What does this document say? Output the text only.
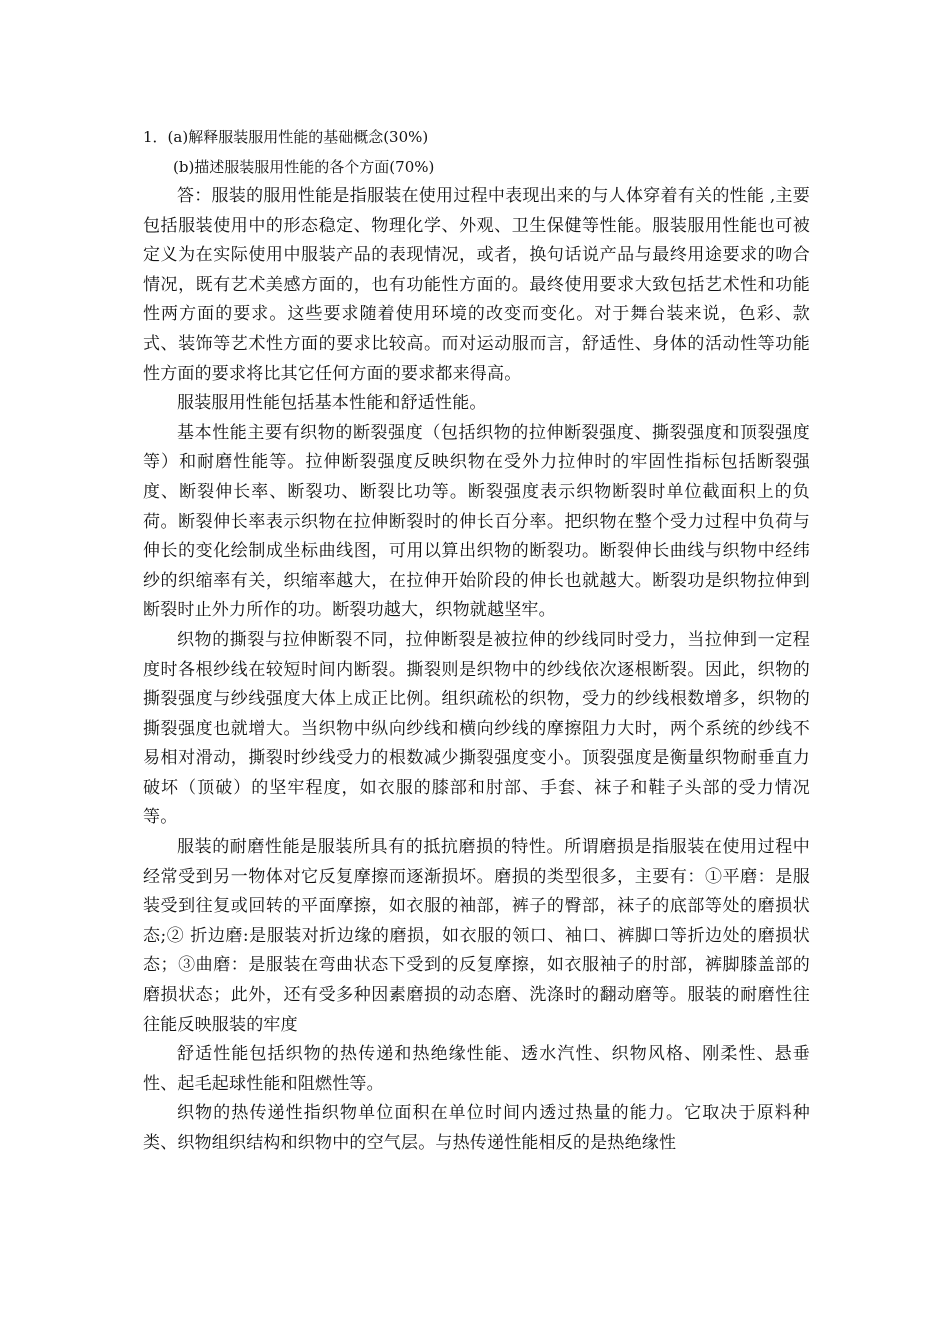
1．(a)解释服装服用性能的基础概念(30%)
(b)描述服装服用性能的各个方面(70%)

答：服装的服用性能是指服装在使用过程中表现出来的与人体穿着有关的性能 ,主要包括服装使用中的形态稳定、物理化学、外观、卫生保健等性能。服装服用性能也可被定义为在实际使用中服装产品的表现情况，或者，换句话说产品与最终用途要求的吻合情况，既有艺术美感方面的，也有功能性方面的。最终使用要求大致包括艺术性和功能性两方面的要求。这些要求随着使用环境的改变而变化。对于舞台装来说，色彩、款式、装饰等艺术性方面的要求比较高。而对运动服而言，舒适性、身体的活动性等功能性方面的要求将比其它任何方面的要求都来得高。

服装服用性能包括基本性能和舒适性能。

基本性能主要有织物的断裂强度（包括织物的拉伸断裂强度、撕裂强度和顶裂强度等）和耐磨性能等。拉伸断裂强度反映织物在受外力拉伸时的牢固性指标包括断裂强度、断裂伸长率、断裂功、断裂比功等。断裂强度表示织物断裂时单位截面积上的负荷。断裂伸长率表示织物在拉伸断裂时的伸长百分率。把织物在整个受力过程中负荷与伸长的变化绘制成坐标曲线图，可用以算出织物的断裂功。断裂伸长曲线与织物中经纬纱的织缩率有关，织缩率越大，在拉伸开始阶段的伸长也就越大。断裂功是织物拉伸到断裂时止外力所作的功。断裂功越大，织物就越坚牢。

织物的撕裂与拉伸断裂不同，拉伸断裂是被拉伸的纱线同时受力，当拉伸到一定程度时各根纱线在较短时间内断裂。撕裂则是织物中的纱线依次逐根断裂。因此，织物的撕裂强度与纱线强度大体上成正比例。组织疏松的织物，受力的纱线根数增多，织物的撕裂强度也就增大。当织物中纵向纱线和横向纱线的摩擦阻力大时，两个系统的纱线不易相对滑动，撕裂时纱线受力的根数减少撕裂强度变小。顶裂强度是衡量织物耐垂直力破坏（顶破）的坚牢程度，如衣服的膝部和肘部、手套、袜子和鞋子头部的受力情况等。

服装的耐磨性能是服装所具有的抵抗磨损的特性。所谓磨损是指服装在使用过程中经常受到另一物体对它反复摩擦而逐渐损坏。磨损的类型很多，主要有：①平磨：是服装受到往复或回转的平面摩擦，如衣服的袖部，裤子的臀部，袜子的底部等处的磨损状态;② 折边磨:是服装对折边缘的磨损，如衣服的领口、袖口、裤脚口等折边处的磨损状态；③曲磨：是服装在弯曲状态下受到的反复摩擦，如衣服袖子的肘部，裤脚膝盖部的磨损状态；此外，还有受多种因素磨损的动态磨、洗涤时的翻动磨等。服装的耐磨性往往能反映服装的牢度

舒适性能包括织物的热传递和热绝缘性能、透水汽性、织物风格、刚柔性、悬垂性、起毛起球性能和阻燃性等。

织物的热传递性指织物单位面积在单位时间内透过热量的能力。它取决于原料种类、织物组织结构和织物中的空气层。与热传递性能相反的是热绝缘性
